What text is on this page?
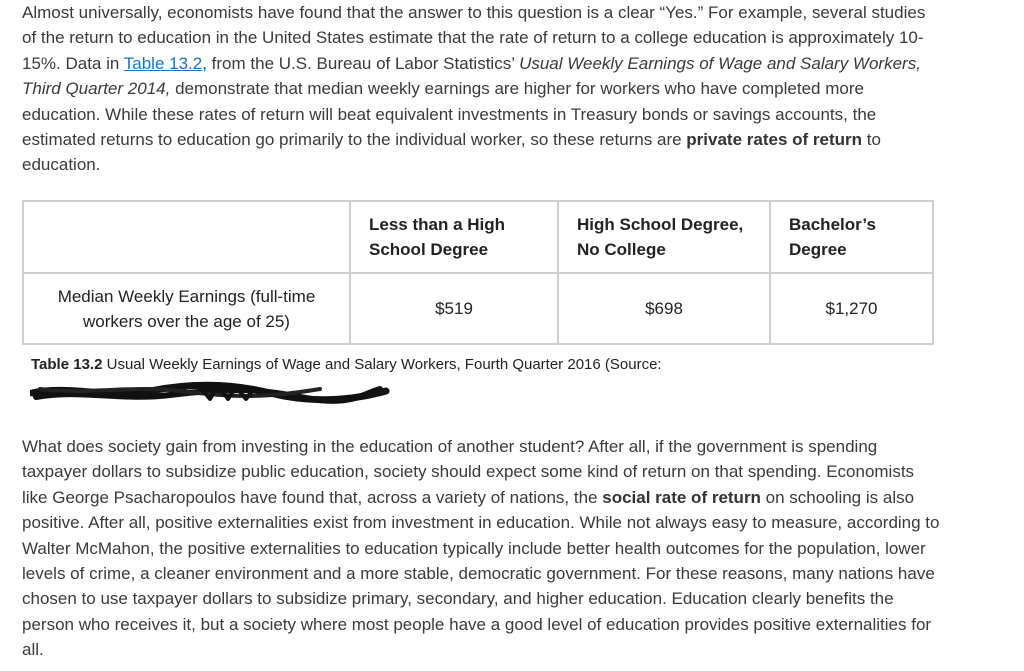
Almost universally, economists have found that the answer to this question is a clear “Yes.” For example, several studies of the return to education in the United States estimate that the rate of return to a college education is approximately 10-15%. Data in Table 13.2, from the U.S. Bureau of Labor Statistics’ Usual Weekly Earnings of Wage and Salary Workers, Third Quarter 2014, demonstrate that median weekly earnings are higher for workers who have completed more education. While these rates of return will beat equivalent investments in Treasury bonds or savings accounts, the estimated returns to education go primarily to the individual worker, so these returns are private rates of return to education.

	Less than a High School Degree	High School Degree, No College	Bachelor’s Degree
Median Weekly Earnings (full-time workers over the age of 25)	$519	$698	$1,270
Table 13.2 Usual Weekly Earnings of Wage and Salary Workers, Fourth Quarter 2016 (Source:

What does society gain from investing in the education of another student? After all, if the government is spending taxpayer dollars to subsidize public education, society should expect some kind of return on that spending. Economists like George Psacharopoulos have found that, across a variety of nations, the social rate of return on schooling is also positive. After all, positive externalities exist from investment in education. While not always easy to measure, according to Walter McMahon, the positive externalities to education typically include better health outcomes for the population, lower levels of crime, a cleaner environment and a more stable, democratic government. For these reasons, many nations have chosen to use taxpayer dollars to subsidize primary, secondary, and higher education. Education clearly benefits the person who receives it, but a society where most people have a good level of education provides positive externalities for all.
